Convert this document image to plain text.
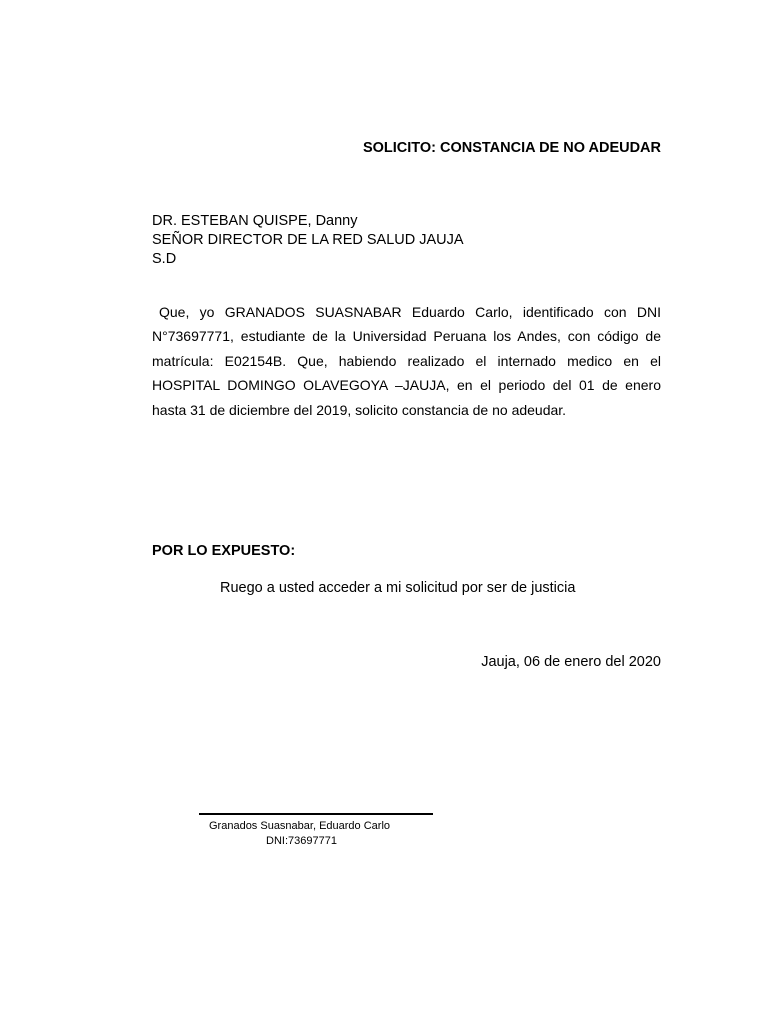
SOLICITO: CONSTANCIA DE NO ADEUDAR
DR. ESTEBAN QUISPE, Danny
SEÑOR DIRECTOR DE LA RED SALUD JAUJA
S.D
Que, yo GRANADOS SUASNABAR Eduardo Carlo, identificado con DNI N°73697771, estudiante de la Universidad Peruana los Andes, con código de matrícula: E02154B. Que, habiendo realizado el internado medico en el HOSPITAL DOMINGO OLAVEGOYA –JAUJA, en el periodo del 01 de enero hasta 31 de diciembre del 2019, solicito constancia de no adeudar.
POR LO EXPUESTO:
Ruego a usted acceder a mi solicitud por ser de justicia
Jauja, 06 de enero del 2020
Granados Suasnabar, Eduardo Carlo
DNI:73697771
